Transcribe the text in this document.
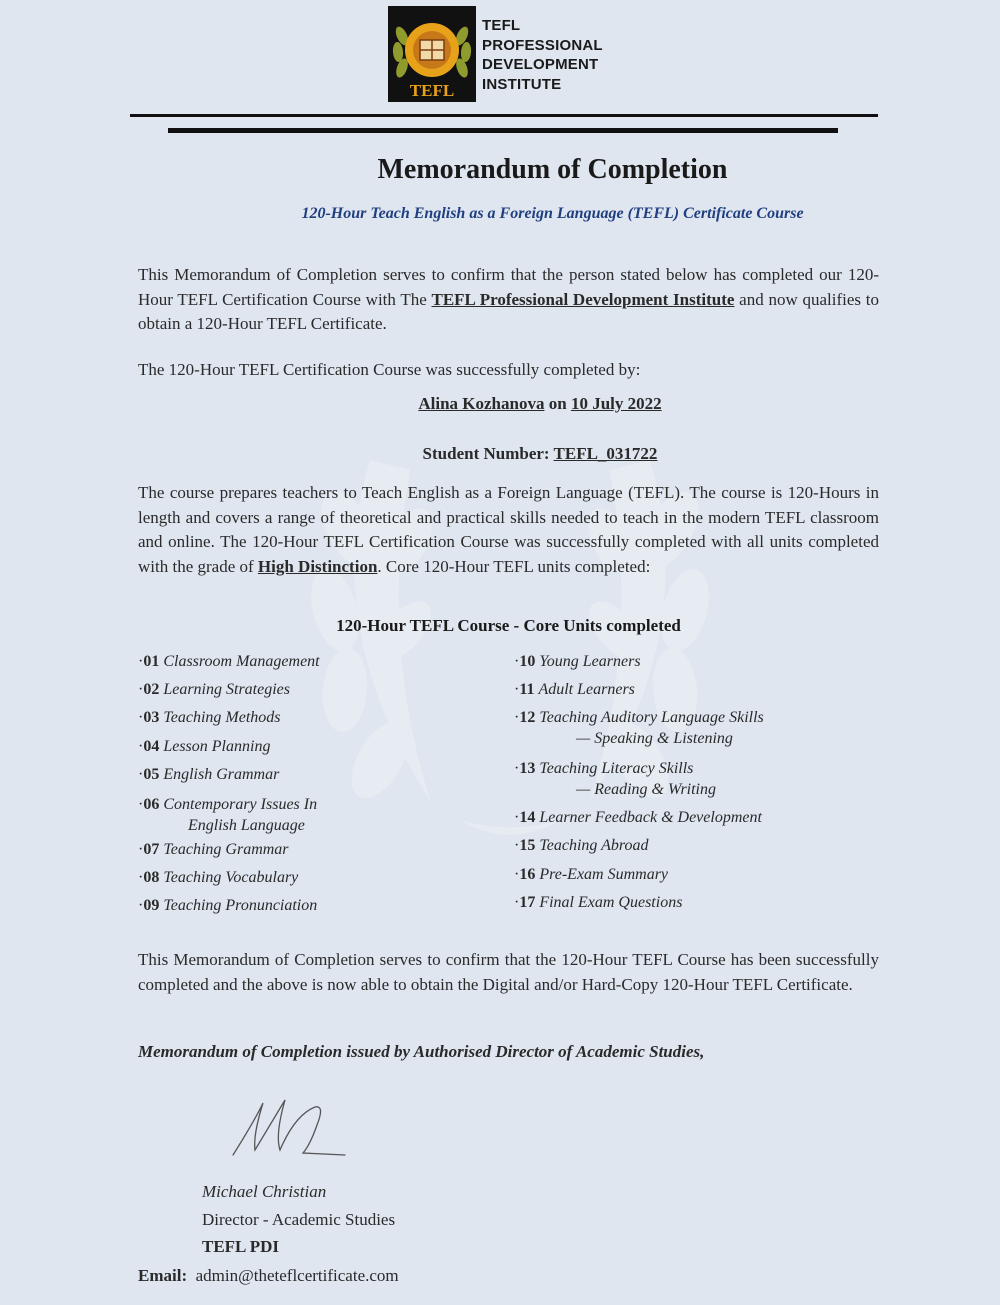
TEFL
TEFL
PROFESSIONAL
DEVELOPMENT
INSTITUTE
Memorandum of Completion
120-Hour Teach English as a Foreign Language (TEFL) Certificate Course
This Memorandum of Completion serves to confirm that the person stated below has completed our 120-Hour TEFL Certification Course with The TEFL Professional Development Institute and now qualifies to obtain a 120-Hour TEFL Certificate.
The 120-Hour TEFL Certification Course was successfully completed by:
Alina Kozhanova on 10 July 2022
Student Number: TEFL_031722
The course prepares teachers to Teach English as a Foreign Language (TEFL). The course is 120-Hours in length and covers a range of theoretical and practical skills needed to teach in the modern TEFL classroom and online. The 120-Hour TEFL Certification Course was successfully completed with all units completed with the grade of High Distinction. Core 120-Hour TEFL units completed:
120-Hour TEFL Course - Core Units completed
·01 Classroom Management
·02 Learning Strategies
·03 Teaching Methods
·04 Lesson Planning
·05 English Grammar
·06 Contemporary Issues In
English Language
·07 Teaching Grammar
·08 Teaching Vocabulary
·09 Teaching Pronunciation
·10 Young Learners
·11 Adult Learners
·12 Teaching Auditory Language Skills
— Speaking & Listening
·13 Teaching Literacy Skills
— Reading & Writing
·14 Learner Feedback & Development
·15 Teaching Abroad
·16 Pre-Exam Summary
·17 Final Exam Questions
This Memorandum of Completion serves to confirm that the 120-Hour TEFL Course has been successfully completed and the above is now able to obtain the Digital and/or Hard-Copy 120-Hour TEFL Certificate.
Memorandum of Completion issued by Authorised Director of Academic Studies,
Michael Christian
Director - Academic Studies
TEFL PDI
Email: admin@theteflcertificate.com
